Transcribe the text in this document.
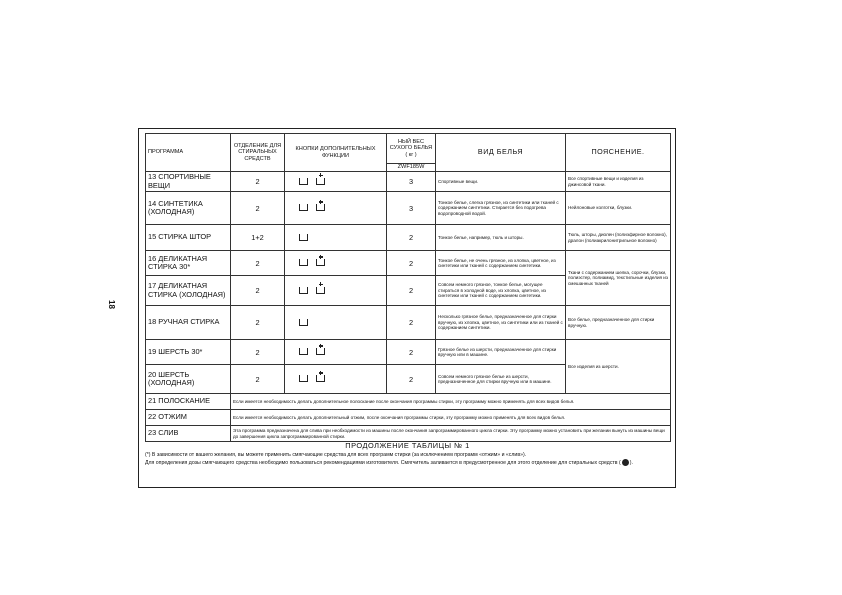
18
ПРОГРАММА	ОТДЕЛЕНИЕ ДЛЯ СТИРАЛЬНЫХ СРЕДСТВ	КНОПКИ ДОПОЛНИТЕЛЬНЫХ ФУНКЦИИ	НЫЙ ВЕС СУХОГО БЕЛЬЯ ( кг )	ВИД БЕЛЬЯ	ПОЯСНЕНИЕ.
			ZWF185W		
13 СПОРТИВНЫЕ ВЕЩИ	2		3	Спортивные вещи.	Все спортивные вещи и изделия из джинсовой ткани.
14 СИНТЕТИКА (ХОЛОДНАЯ)	2		3	Тонкое белье, слегка грязное, из синтетики или тканей с содержанием синтетики. Стирается без подогрева водопроводной водой.	Нейлоновые колготки, блузки.
15 СТИРКА ШТОР	1+2		2	Тонкое белье, например, тюль и шторы.	Тюль, шторы, диолен (полиэфирное волокно), дралон (полиакрилонитрильное волокно)
16 ДЕЛИКАТНАЯ СТИРКА 30*	2		2	Тонкое белье, не очень грязное, из хлопка, цветное, из синтетики или тканей с содержанием синтетики.	Ткани с содержанием шелка, сорочки, блузки, полиэстер, полиамид, текстильные изделия из смешанных тканей
17 ДЕЛИКАТНАЯ СТИРКА (ХОЛОДНАЯ)	2		2	Совсем немного грязное, тонкое белье, могущее стираться в холодной воде, из хлопка, цветное, из синтетики или тканей с содержанием синтетики.	
18 РУЧНАЯ СТИРКА	2		2	Несколько грязное белье, предназначенное для стирки вручную, из хлопка, цветное, из синтетики или из тканей с содержанием синтетики.	Все белье, предназначенное для стирки вручную.
19 ШЕРСТЬ 30*	2		2	Грязное белье из шерсти, предназначенное для стирки вручную или в машине.	Все изделия из шерсти.
20 ШЕРСТЬ (ХОЛОДНАЯ)	2		2	Совсем немного грязное белье из шерсти, предназначенное для стирки вручную или в машине.	
21 ПОЛОСКАНИЕ	Если имеется необходимость делать дополнительное полоскание после окончания программы стирки, эту программу можно применять для всех видов белья.				
22 ОТЖИМ	Если имеется необходимость делать дополнительный отжим, после окончания программы стирки, эту программу можно применять для всех видов белья.				
23 СЛИВ	Эта программа предназначена для слива при необходимости из машины после окончания запрограммированного цикла стирки. Эту программу можно установить при желании вынуть из машины вещи до завершения цикла запрограммированной стирки.				
ПРОДОЛЖЕНИЕ ТАБЛИЦЫ № 1
(*) В зависимости от вашего желания, вы можете применить смягчающие средства для всех программ стирки (за исключением программ «отжим» и «слив»).
Для определения дозы смягчающего средства необходимо пользоваться рекомендациями изготовителя. Смягчитель заливается в предусмотренное для этого отделение для стиральных средств ( ).
